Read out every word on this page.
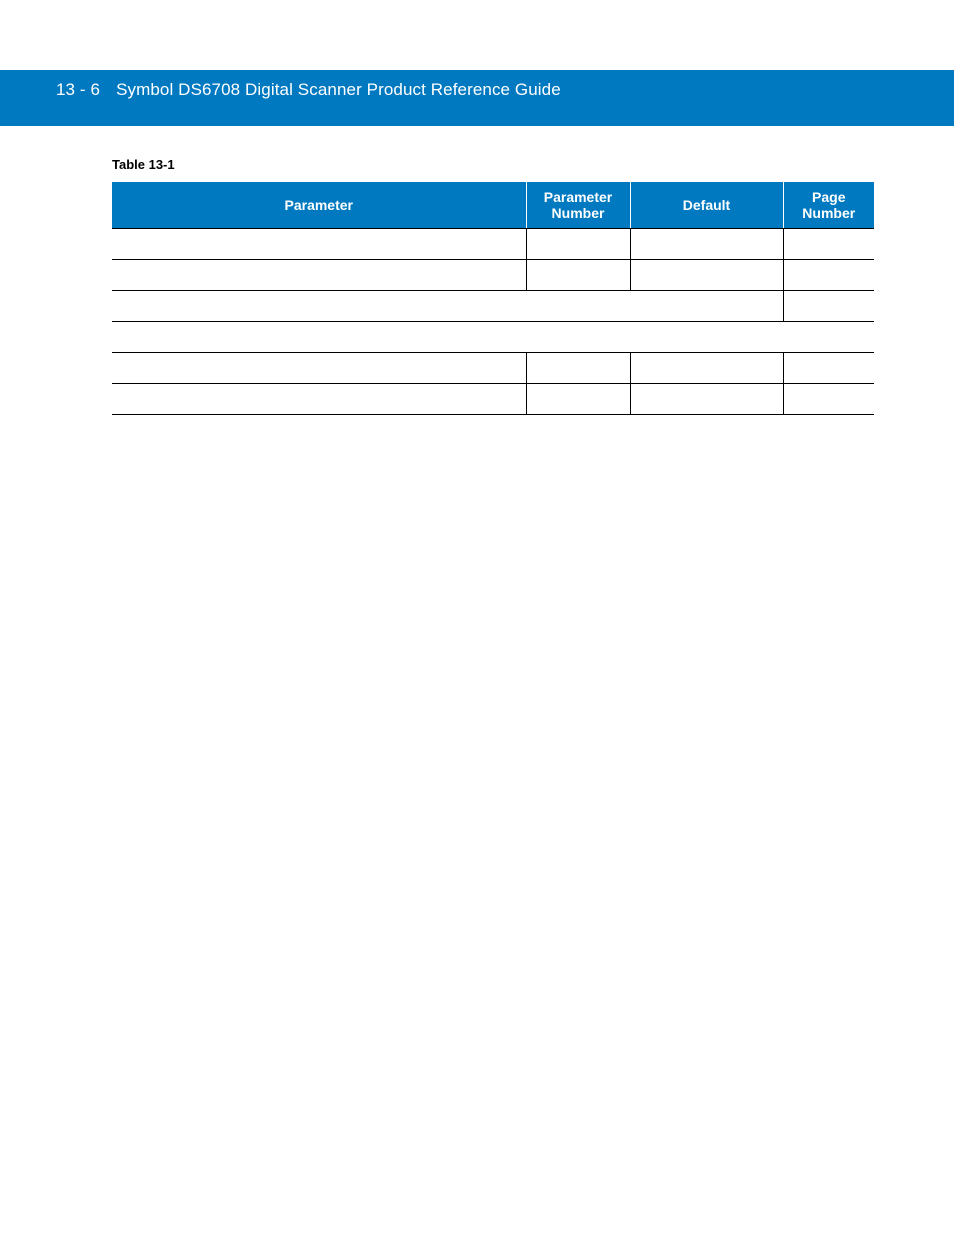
13 - 6 Symbol DS6708 Digital Scanner Product Reference Guide
Table 13-1
Parameter	Parameter Number	Default	Page Number
